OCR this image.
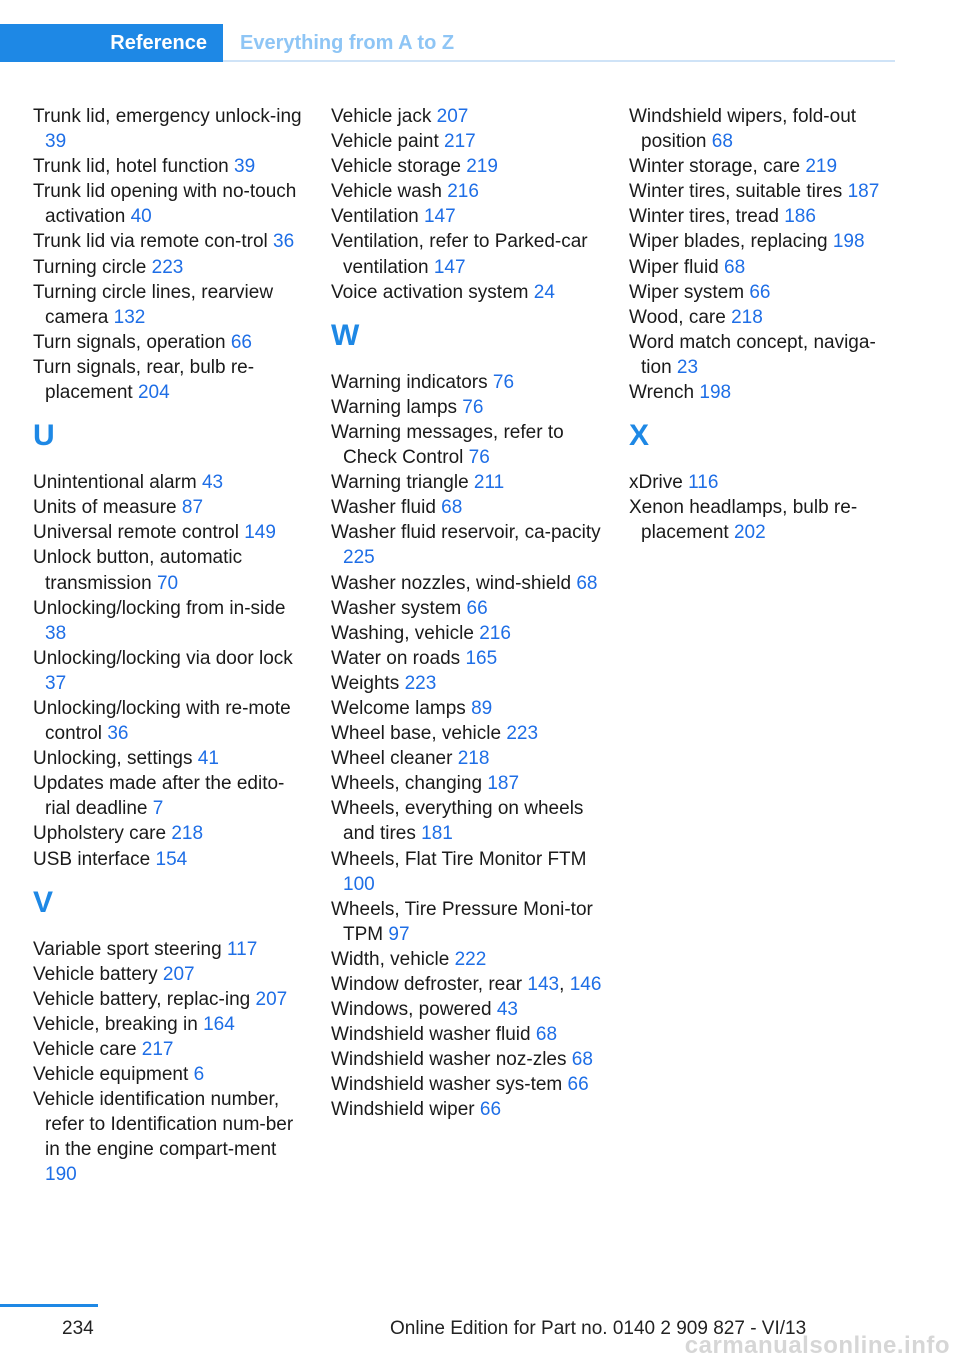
Reference	Everything from A to Z
Trunk lid, emergency unlock-ing 39
Trunk lid, hotel function 39
Trunk lid opening with no-touch activation 40
Trunk lid via remote con-trol 36
Turning circle 223
Turning circle lines, rearview camera 132
Turn signals, operation 66
Turn signals, rear, bulb re-placement 204
U
Unintentional alarm 43
Units of measure 87
Universal remote control 149
Unlock button, automatic transmission 70
Unlocking/locking from in-side 38
Unlocking/locking via door lock 37
Unlocking/locking with re-mote control 36
Unlocking, settings 41
Updates made after the edito-rial deadline 7
Upholstery care 218
USB interface 154
V
Variable sport steering 117
Vehicle battery 207
Vehicle battery, replac-ing 207
Vehicle, breaking in 164
Vehicle care 217
Vehicle equipment 6
Vehicle identification number, refer to Identification num-ber in the engine compart-ment 190
Vehicle jack 207
Vehicle paint 217
Vehicle storage 219
Vehicle wash 216
Ventilation 147
Ventilation, refer to Parked-car ventilation 147
Voice activation system 24
W
Warning indicators 76
Warning lamps 76
Warning messages, refer to Check Control 76
Warning triangle 211
Washer fluid 68
Washer fluid reservoir, ca-pacity 225
Washer nozzles, wind-shield 68
Washer system 66
Washing, vehicle 216
Water on roads 165
Weights 223
Welcome lamps 89
Wheel base, vehicle 223
Wheel cleaner 218
Wheels, changing 187
Wheels, everything on wheels and tires 181
Wheels, Flat Tire Monitor FTM 100
Wheels, Tire Pressure Moni-tor TPM 97
Width, vehicle 222
Window defroster, rear 143, 146
Windows, powered 43
Windshield washer fluid 68
Windshield washer noz-zles 68
Windshield washer sys-tem 66
Windshield wiper 66
Windshield wipers, fold-out position 68
Winter storage, care 219
Winter tires, suitable tires 187
Winter tires, tread 186
Wiper blades, replacing 198
Wiper fluid 68
Wiper system 66
Wood, care 218
Word match concept, naviga-tion 23
Wrench 198
X
xDrive 116
Xenon headlamps, bulb re-placement 202
234	Online Edition for Part no. 0140 2 909 827 - VI/13
carmanualsonline.info
